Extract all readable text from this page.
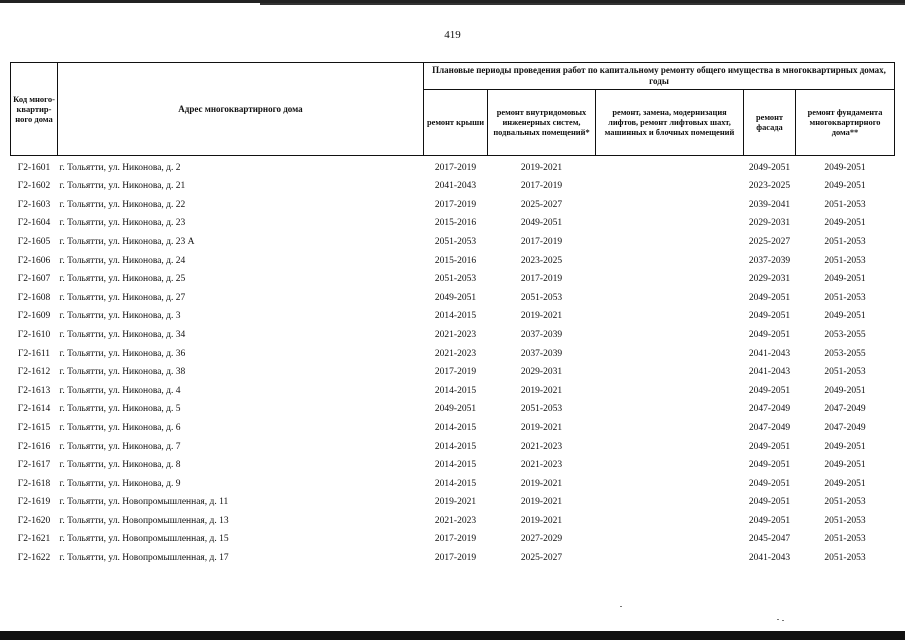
419
Код много-квартир-ного дома	Адрес многоквартирного дома	Плановые периоды проведения работ по капитальному ремонту общего имущества в многоквартирных домах, годы				
		ремонт крыши	ремонт внутридомовых инженерных систем, подвальных помещений*	ремонт, замена, модернизация лифтов, ремонт лифтовых шахт, машинных и блочных помещений	ремонт фасада	ремонт фундамента многоквартирного дома**
Г2-1601	г. Тольятти, ул. Никонова, д. 2	2017-2019	2019-2021		2049-2051	2049-2051
Г2-1602	г. Тольятти, ул. Никонова, д. 21	2041-2043	2017-2019		2023-2025	2049-2051
Г2-1603	г. Тольятти, ул. Никонова, д. 22	2017-2019	2025-2027		2039-2041	2051-2053
Г2-1604	г. Тольятти, ул. Никонова, д. 23	2015-2016	2049-2051		2029-2031	2049-2051
Г2-1605	г. Тольятти, ул. Никонова, д. 23 А	2051-2053	2017-2019		2025-2027	2051-2053
Г2-1606	г. Тольятти, ул. Никонова, д. 24	2015-2016	2023-2025		2037-2039	2051-2053
Г2-1607	г. Тольятти, ул. Никонова, д. 25	2051-2053	2017-2019		2029-2031	2049-2051
Г2-1608	г. Тольятти, ул. Никонова, д. 27	2049-2051	2051-2053		2049-2051	2051-2053
Г2-1609	г. Тольятти, ул. Никонова, д. 3	2014-2015	2019-2021		2049-2051	2049-2051
Г2-1610	г. Тольятти, ул. Никонова, д. 34	2021-2023	2037-2039		2049-2051	2053-2055
Г2-1611	г. Тольятти, ул. Никонова, д. 36	2021-2023	2037-2039		2041-2043	2053-2055
Г2-1612	г. Тольятти, ул. Никонова, д. 38	2017-2019	2029-2031		2041-2043	2051-2053
Г2-1613	г. Тольятти, ул. Никонова, д. 4	2014-2015	2019-2021		2049-2051	2049-2051
Г2-1614	г. Тольятти, ул. Никонова, д. 5	2049-2051	2051-2053		2047-2049	2047-2049
Г2-1615	г. Тольятти, ул. Никонова, д. 6	2014-2015	2019-2021		2047-2049	2047-2049
Г2-1616	г. Тольятти, ул. Никонова, д. 7	2014-2015	2021-2023		2049-2051	2049-2051
Г2-1617	г. Тольятти, ул. Никонова, д. 8	2014-2015	2021-2023		2049-2051	2049-2051
Г2-1618	г. Тольятти, ул. Никонова, д. 9	2014-2015	2019-2021		2049-2051	2049-2051
Г2-1619	г. Тольятти, ул. Новопромышленная, д. 11	2019-2021	2019-2021		2049-2051	2051-2053
Г2-1620	г. Тольятти, ул. Новопромышленная, д. 13	2021-2023	2019-2021		2049-2051	2051-2053
Г2-1621	г. Тольятти, ул. Новопромышленная, д. 15	2017-2019	2027-2029		2045-2047	2051-2053
Г2-1622	г. Тольятти, ул. Новопромышленная, д. 17	2017-2019	2025-2027		2041-2043	2051-2053
